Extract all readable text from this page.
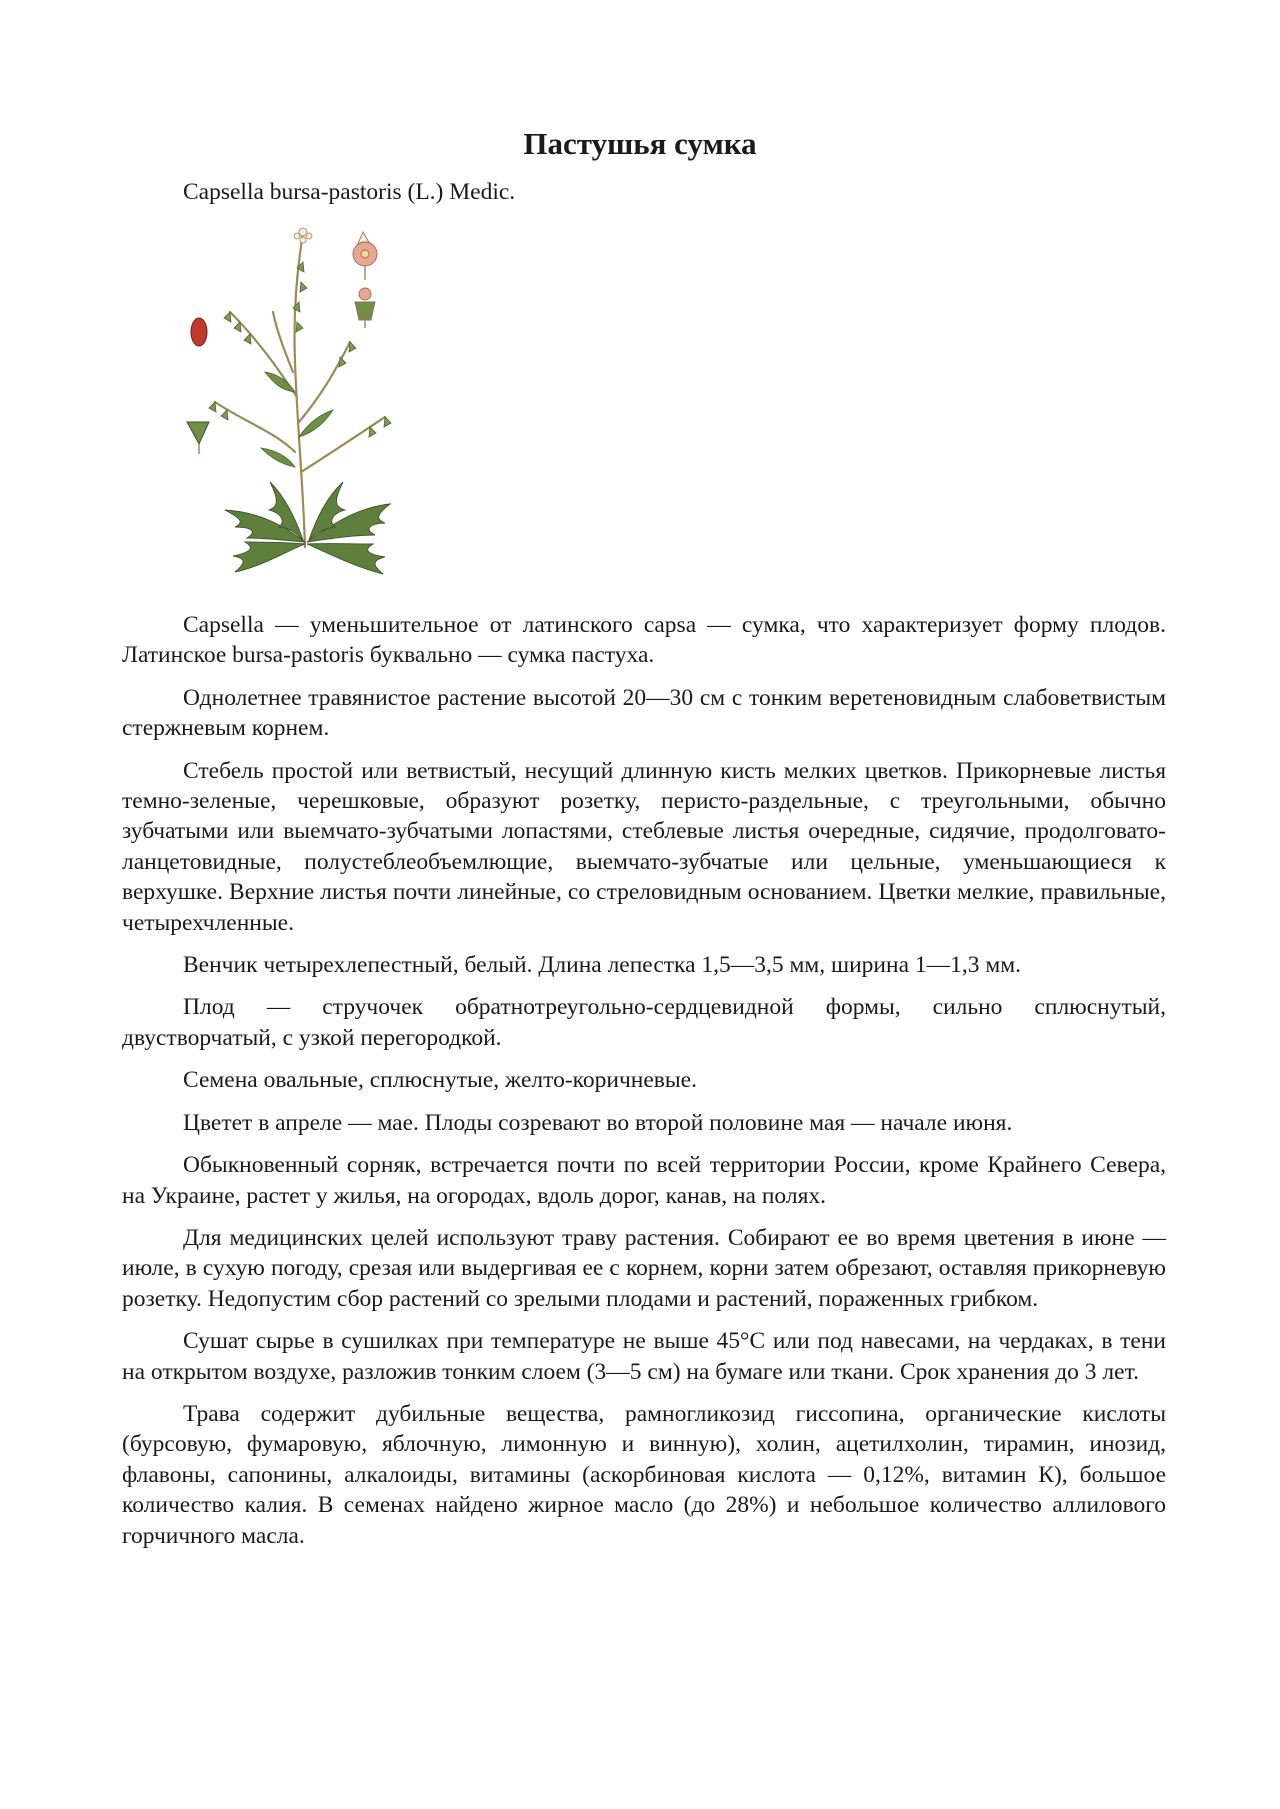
Пастушья сумка
Capsella bursa-pastoris (L.) Medic.

Capsella — уменьшительное от латинского capsa — сумка, что характеризует форму плодов. Латинское bursa-pastoris буквально — сумка пастуха.

Однолетнее травянистое растение высотой 20—30 см с тонким веретеновидным слабоветвистым стержневым корнем.

Стебель простой или ветвистый, несущий длинную кисть мелких цветков. Прикорневые листья темно-зеленые, черешковые, образуют розетку, перисто-раздельные, с треугольными, обычно зубчатыми или выемчато-зубчатыми лопастями, стеблевые листья очередные, сидячие, продолговато-ланцетовидные, полустеблеобъемлющие, выемчато-зубчатые или цельные, уменьшающиеся к верхушке. Верхние листья почти линейные, со стреловидным основанием. Цветки мелкие, правильные, четырехчленные.

Венчик четырехлепестный, белый. Длина лепестка 1,5—3,5 мм, ширина 1—1,3 мм.

Плод — стручочек обратнотреугольно-сердцевидной формы, сильно сплюснутый, двустворчатый, с узкой перегородкой.

Семена овальные, сплюснутые, желто-коричневые.

Цветет в апреле — мае. Плоды созревают во второй половине мая — начале июня.

Обыкновенный сорняк, встречается почти по всей территории России, кроме Крайнего Севера, на Украине, растет у жилья, на огородах, вдоль дорог, канав, на полях.

Для медицинских целей используют траву растения. Собирают ее во время цветения в июне — июле, в сухую погоду, срезая или выдергивая ее с корнем, корни затем обрезают, оставляя прикорневую розетку. Недопустим сбор растений со зрелыми плодами и растений, пораженных грибком.

Сушат сырье в сушилках при температуре не выше 45°С или под навесами, на чердаках, в тени на открытом воздухе, разложив тонким слоем (3—5 см) на бумаге или ткани. Срок хранения до 3 лет.

Трава содержит дубильные вещества, рамногликозид гиссопина, органические кислоты (бурсовую, фумаровую, яблочную, лимонную и винную), холин, ацетилхолин, тирамин, инозид, флавоны, сапонины, алкалоиды, витамины (аскорбиновая кислота — 0,12%, витамин К), большое количество калия. В семенах найдено жирное масло (до 28%) и небольшое количество аллилового горчичного масла.
